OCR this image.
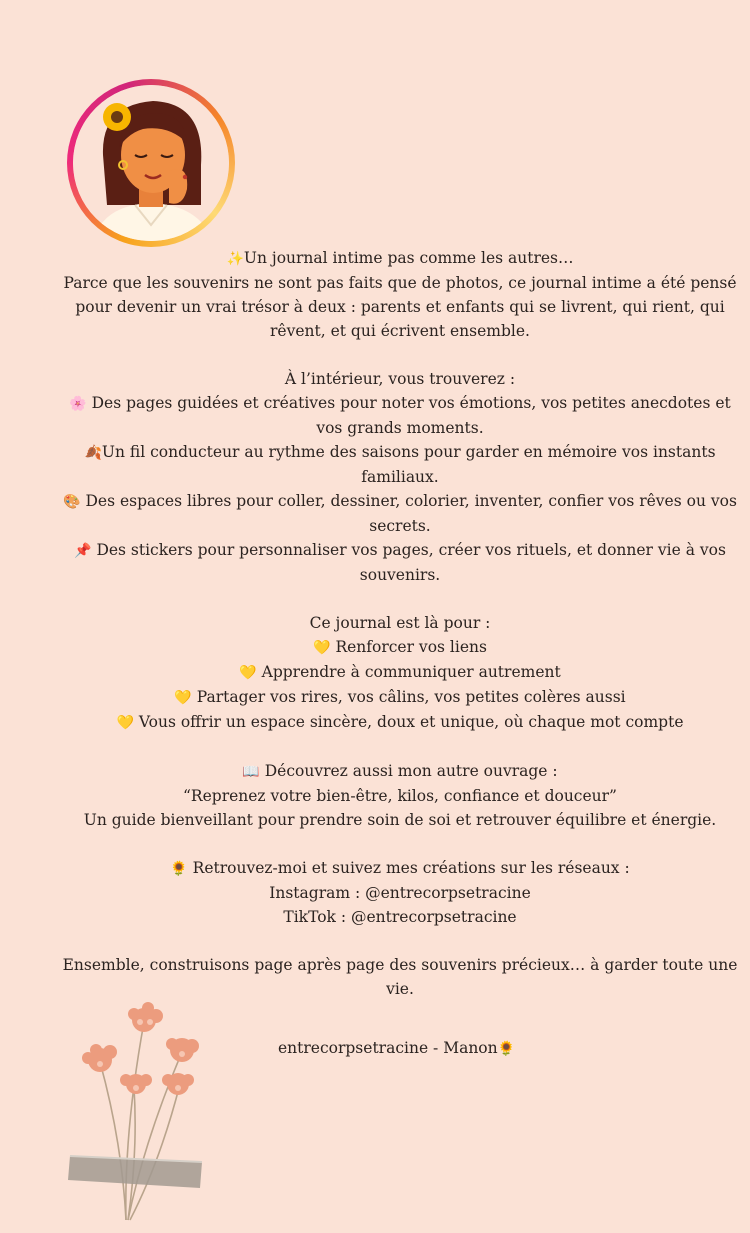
✨Un journal intime pas comme les autres…

Parce que les souvenirs ne sont pas faits que de photos, ce journal intime a été pensé pour devenir un vrai trésor à deux : parents et enfants qui se livrent, qui rient, qui rêvent, et qui écrivent ensemble.

À l’intérieur, vous trouverez :

🌸 Des pages guidées et créatives pour noter vos émotions, vos petites anecdotes et vos grands moments.

🍂Un fil conducteur au rythme des saisons pour garder en mémoire vos instants familiaux.

🎨 Des espaces libres pour coller, dessiner, colorier, inventer, confier vos rêves ou vos secrets.

📌 Des stickers pour personnaliser vos pages, créer vos rituels, et donner vie à vos souvenirs.

Ce journal est là pour :

💛 Renforcer vos liens

💛 Apprendre à communiquer autrement

💛 Partager vos rires, vos câlins, vos petites colères aussi

💛 Vous offrir un espace sincère, doux et unique, où chaque mot compte

📖 Découvrez aussi mon autre ouvrage :

“Reprenez votre bien-être, kilos, confiance et douceur”

Un guide bienveillant pour prendre soin de soi et retrouver équilibre et énergie.

🌻 Retrouvez-moi et suivez mes créations sur les réseaux :

Instagram : @entrecorpsetracine

TikTok : @entrecorpsetracine

Ensemble, construisons page après page des souvenirs précieux… à garder toute une vie.

entrecorpsetracine - Manon🌻
